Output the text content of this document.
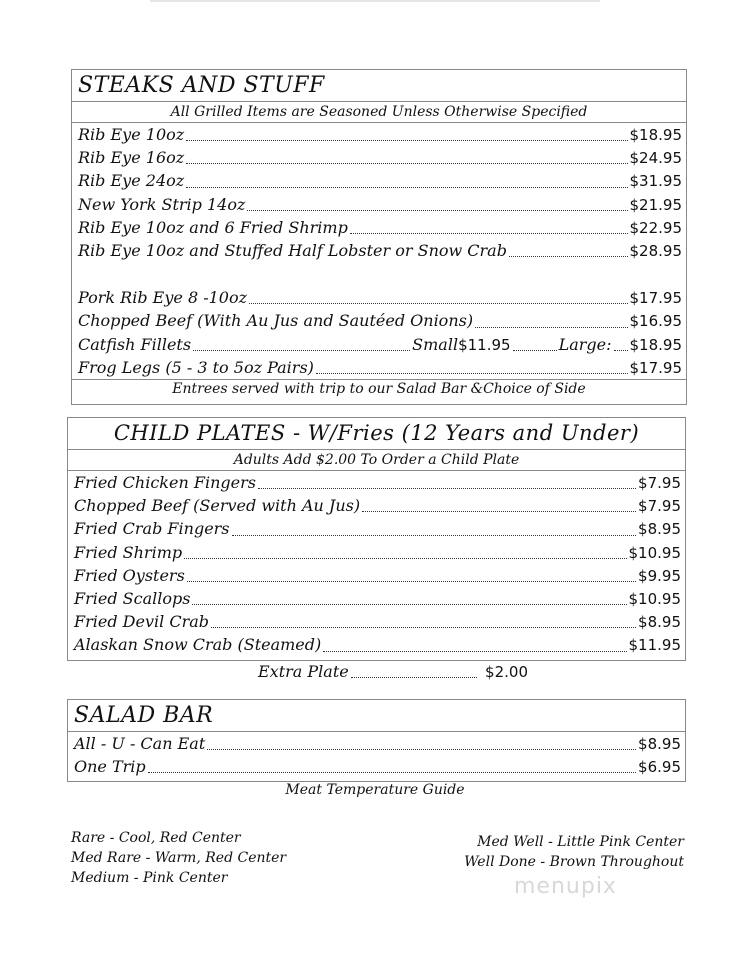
STEAKS AND STUFF
All Grilled Items are Seasoned Unless Otherwise Specified
Rib Eye 10oz	$18.95
Rib Eye 16oz	$24.95
Rib Eye 24oz	$31.95
New York Strip 14oz	$21.95
Rib Eye 10oz and 6 Fried Shrimp	$22.95
Rib Eye 10oz and Stuffed Half Lobster or Snow Crab	$28.95
Pork Rib Eye 8 -10oz	$17.95
Chopped Beef (With Au Jus and Sautéed Onions)	$16.95
Catfish Fillets	Small $11.95	Large: $18.95
Frog Legs (5 - 3 to 5oz Pairs)	$17.95
Entrees served with trip to our Salad Bar &Choice of Side
CHILD PLATES - W/Fries (12 Years and Under)
Adults Add $2.00 To Order a Child Plate
Fried Chicken Fingers	$7.95
Chopped Beef (Served with Au Jus)	$7.95
Fried Crab Fingers	$8.95
Fried Shrimp	$10.95
Fried Oysters	$9.95
Fried Scallops	$10.95
Fried Devil Crab	$8.95
Alaskan Snow Crab (Steamed)	$11.95
Extra Plate	$2.00
SALAD BAR
All - U - Can Eat	$8.95
One Trip	$6.95
Meat Temperature Guide
Rare - Cool, Red Center
Med Rare - Warm, Red Center
Medium - Pink Center
Med Well - Little Pink Center
Well Done - Brown Throughout
menupix
